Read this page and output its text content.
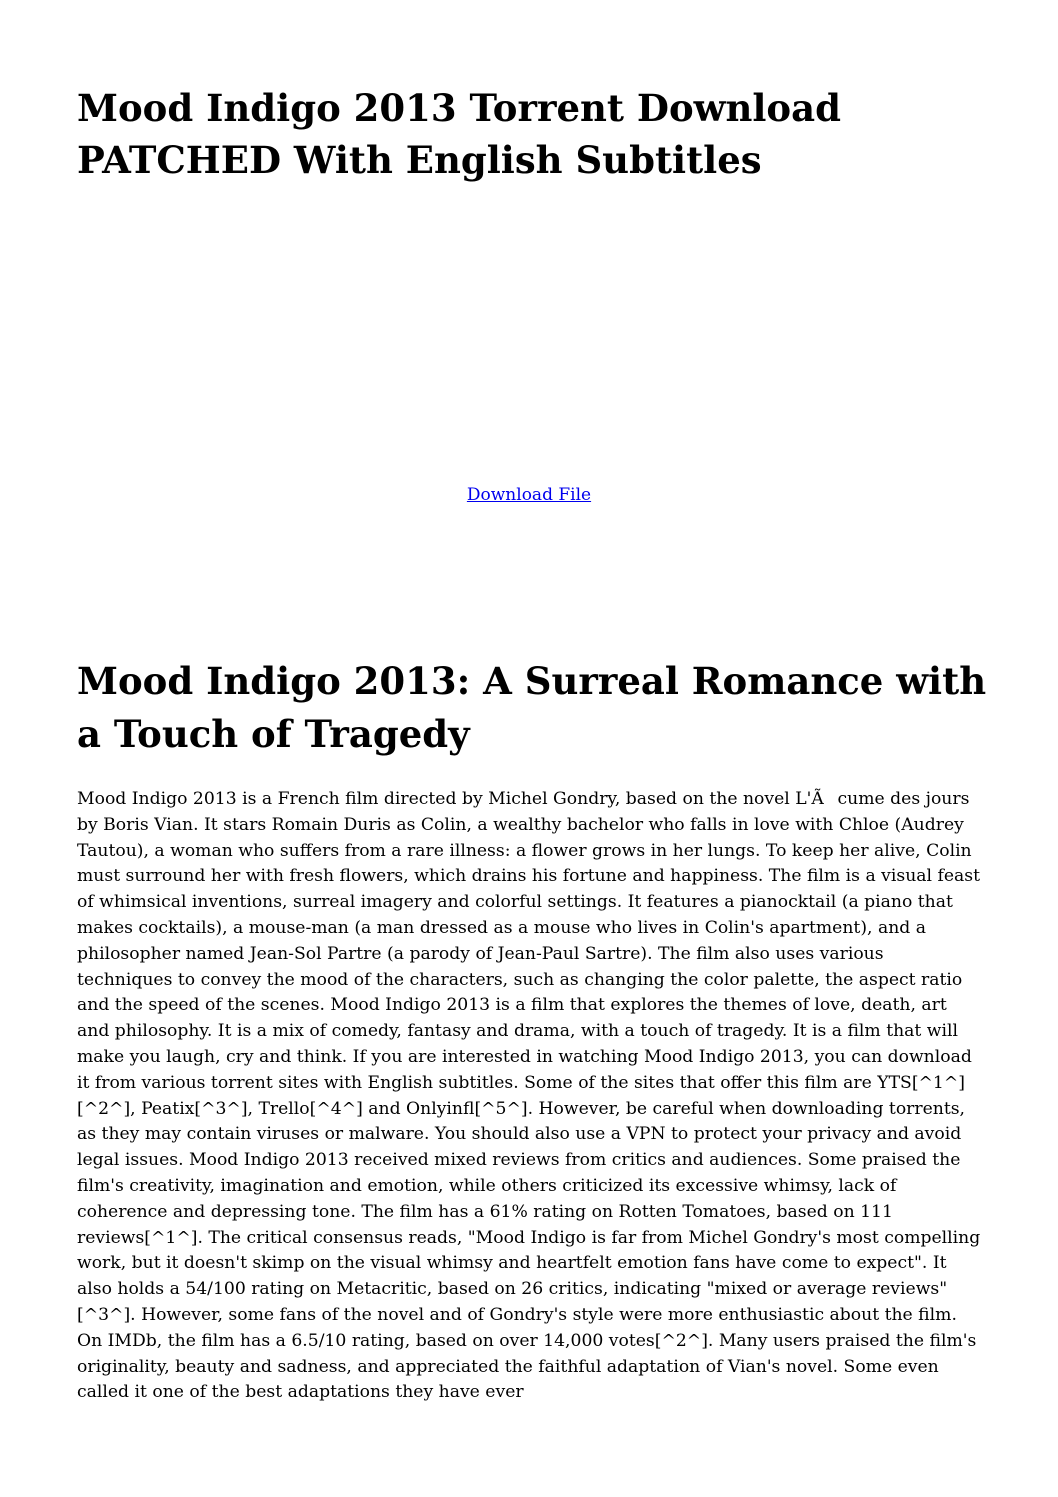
Mood Indigo 2013 Torrent Download PATCHED With English Subtitles
Download File
Mood Indigo 2013: A Surreal Romance with a Touch of Tragedy

Mood Indigo 2013 is a French film directed by Michel Gondry, based on the novel L'Ãcume des jours by Boris Vian. It stars Romain Duris as Colin, a wealthy bachelor who falls in love with Chloe (Audrey Tautou), a woman who suffers from a rare illness: a flower grows in her lungs. To keep her alive, Colin must surround her with fresh flowers, which drains his fortune and happiness. The film is a visual feast of whimsical inventions, surreal imagery and colorful settings. It features a pianocktail (a piano that makes cocktails), a mouse-man (a man dressed as a mouse who lives in Colin's apartment), and a philosopher named Jean-Sol Partre (a parody of Jean-Paul Sartre). The film also uses various techniques to convey the mood of the characters, such as changing the color palette, the aspect ratio and the speed of the scenes. Mood Indigo 2013 is a film that explores the themes of love, death, art and philosophy. It is a mix of comedy, fantasy and drama, with a touch of tragedy. It is a film that will make you laugh, cry and think. If you are interested in watching Mood Indigo 2013, you can download it from various torrent sites with English subtitles. Some of the sites that offer this film are YTS[^1^] [^2^], Peatix[^3^], Trello[^4^] and Onlyinfl[^5^]. However, be careful when downloading torrents, as they may contain viruses or malware. You should also use a VPN to protect your privacy and avoid legal issues. Mood Indigo 2013 received mixed reviews from critics and audiences. Some praised the film's creativity, imagination and emotion, while others criticized its excessive whimsy, lack of coherence and depressing tone. The film has a 61% rating on Rotten Tomatoes, based on 111 reviews[^1^]. The critical consensus reads, "Mood Indigo is far from Michel Gondry's most compelling work, but it doesn't skimp on the visual whimsy and heartfelt emotion fans have come to expect". It also holds a 54/100 rating on Metacritic, based on 26 critics, indicating "mixed or average reviews"[^3^]. However, some fans of the novel and of Gondry's style were more enthusiastic about the film. On IMDb, the film has a 6.5/10 rating, based on over 14,000 votes[^2^]. Many users praised the film's originality, beauty and sadness, and appreciated the faithful adaptation of Vian's novel. Some even called it one of the best adaptations they have ever
